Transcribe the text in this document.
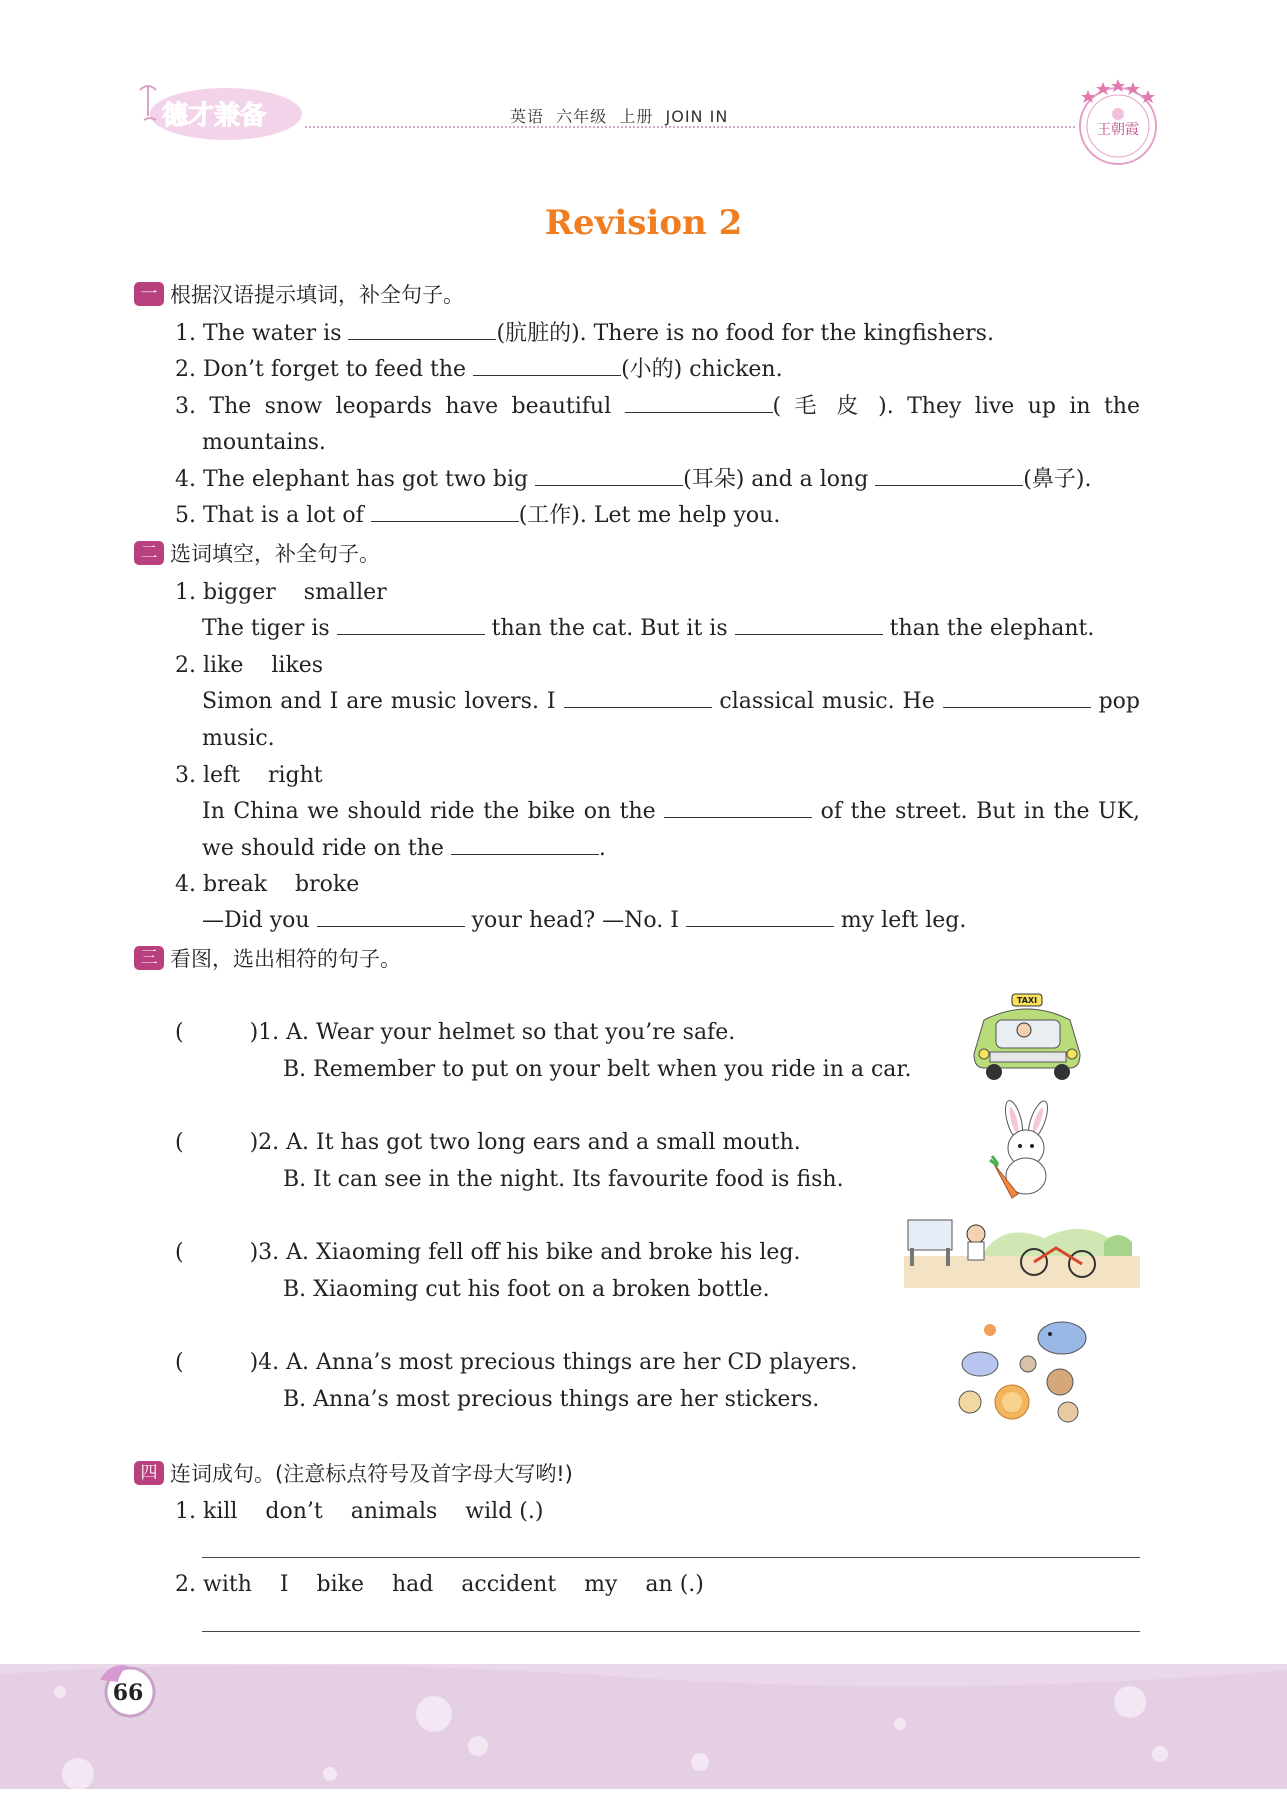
德才兼备	英语  六年级  上册  JOIN IN
王朝霞
Revision 2
一 根据汉语提示填词，补全句子。
1. The water is	(肮脏的). There is no food for the kingfishers.
2. Don’t forget to feed the	(小的) chicken.
3. The snow leopards have beautiful	( 毛 皮 ). They live up in the
mountains.
4. The elephant has got two big	(耳朵) and a long	(鼻子).
5. That is a lot of	(工作). Let me help you.
二 选词填空，补全句子。
1. bigger    smaller
The tiger is	than the cat. But it is	than the elephant.
2. like    likes
Simon and I are music lovers. I	classical music. He	pop
music.
3. left    right
In China we should ride the bike on the	of the street. But in the UK,
we should ride on the	.
4. break    broke
—Did you	your head? —No. I	my left leg.
三 看图，选出相符的句子。
(	)1. A. Wear your helmet so that you’re safe.
B. Remember to put on your belt when you ride in a car.
TAXI
(	)2. A. It has got two long ears and a small mouth.
B. It can see in the night. Its favourite food is fish.
(	)3. A. Xiaoming fell off his bike and broke his leg.
B. Xiaoming cut his foot on a broken bottle.
(	)4. A. Anna’s most precious things are her CD players.
B. Anna’s most precious things are her stickers.
四 连词成句。(注意标点符号及首字母大写哟!)
1. kill    don’t    animals    wild (.)
2. with    I    bike    had    accident    my    an (.)
66
